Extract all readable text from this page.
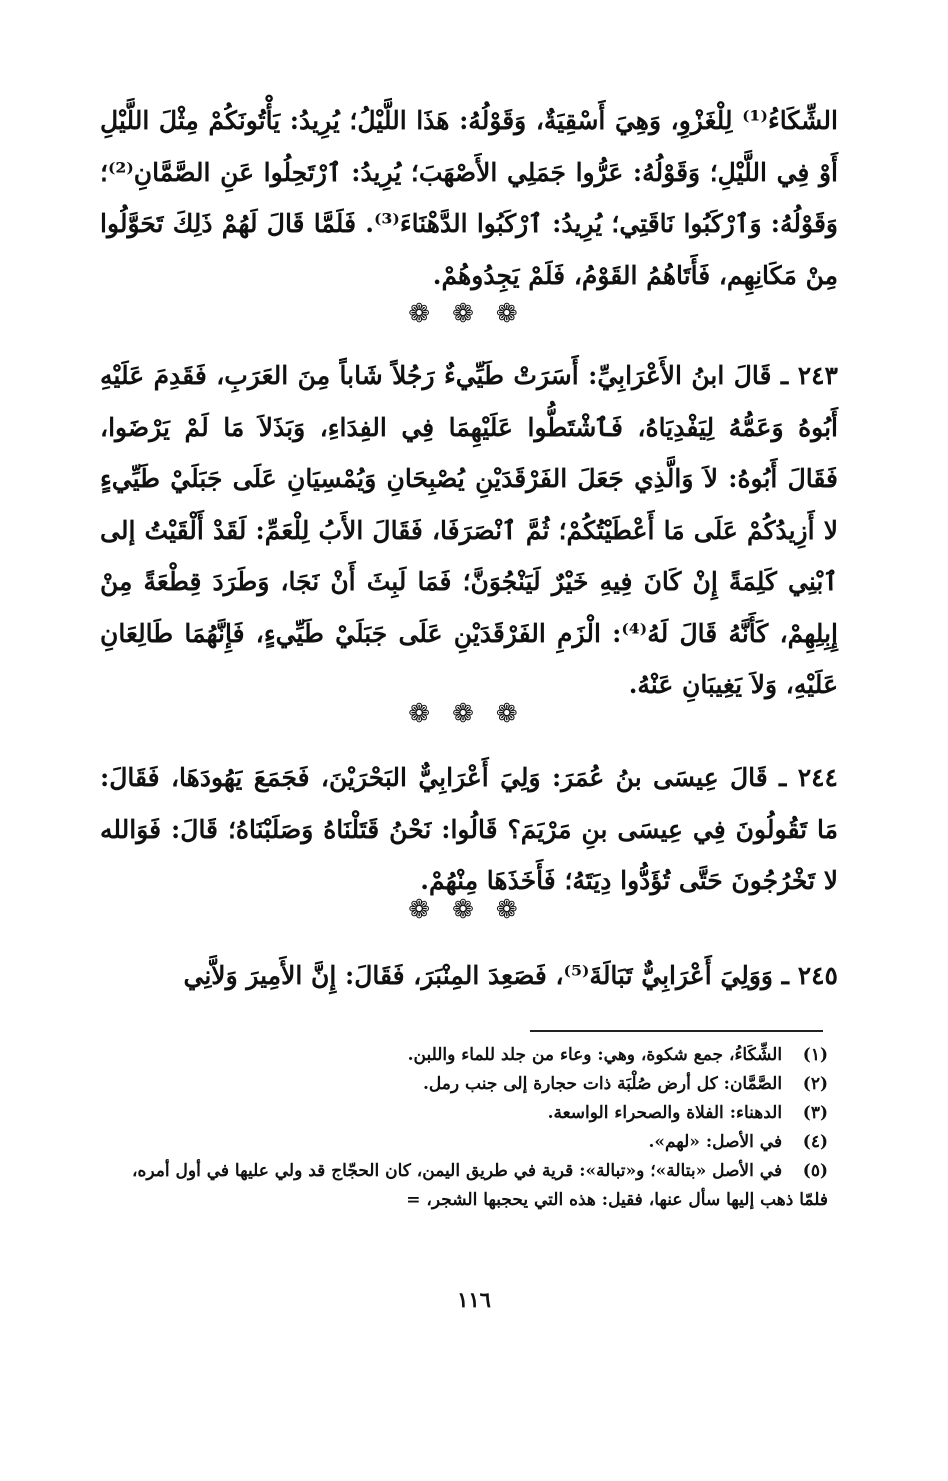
الشِّكَاءُ⁽¹⁾ لِلْغَزْوِ، وَهِيَ أَسْقِيَةٌ، وَقَوْلُهُ: هَذَا اللَّيْلُ؛ يُرِيدُ: يَأْتُونَكُمْ مِثْلَ اللَّيْلِ أَوْ فِي اللَّيْلِ؛ وَقَوْلُهُ: عَرُّوا جَمَلِي الأَصْهَبَ؛ يُرِيدُ: ٱرْتَحِلُوا عَنِ الصَّمَّانِ⁽²⁾؛ وَقَوْلُهُ: وَٱرْكَبُوا نَاقَتِي؛ يُرِيدُ: ٱرْكَبُوا الدَّهْنَاءَ⁽³⁾. فَلَمَّا قَالَ لَهُمْ ذَلِكَ تَحَوَّلُوا مِنْ مَكَانِهِم، فَأَتَاهُمُ القَوْمُ، فَلَمْ يَجِدُوهُمْ.

❁❁❁

٢٤٣ ـ قَالَ ابنُ الأَعْرَابِيِّ: أَسَرَتْ طَيِّيءٌ رَجُلاً شَاباً مِنَ العَرَبِ، فَقَدِمَ عَلَيْهِ أَبُوهُ وَعَمُّهُ لِيَفْدِيَاهُ، فَٱشْتَطُّوا عَلَيْهِمَا فِي الفِدَاءِ، وَبَذَلاَ مَا لَمْ يَرْضَوا، فَقَالَ أَبُوهُ: لاَ وَالَّذِي جَعَلَ الفَرْقَدَيْنِ يُصْبِحَانِ وَيُمْسِيَانِ عَلَى جَبَلَيْ طَيِّيءٍ لا أَزِيدُكُمْ عَلَى مَا أَعْطَيْتُكُمْ؛ ثُمَّ ٱنْصَرَفَا، فَقَالَ الأَبُ لِلْعَمِّ: لَقَدْ أَلْقَيْتُ إلى ٱبْنِي كَلِمَةً إِنْ كَانَ فِيهِ خَيْرٌ لَيَنْجُوَنَّ؛ فَمَا لَبِثَ أَنْ نَجَا، وَطَرَدَ قِطْعَةً مِنْ إِبِلِهِمْ، كَأَنَّهُ قَالَ لَهُ⁽⁴⁾: الْزَمِ الفَرْقَدَيْنِ عَلَى جَبَلَيْ طَيِّيءٍ، فَإِنَّهُمَا طَالِعَانِ عَلَيْهِ، وَلاَ يَغِيبَانِ عَنْهُ.

❁❁❁

٢٤٤ ـ قَالَ عِيسَى بنُ عُمَرَ: وَلِيَ أَعْرَابِيٌّ البَحْرَيْنَ، فَجَمَعَ يَهُودَهَا، فَقَالَ: مَا تَقُولُونَ فِي عِيسَى بنِ مَرْيَمَ؟ قَالُوا: نَحْنُ قَتَلْنَاهُ وَصَلَبْنَاهُ؛ قَالَ: فَوَالله لا تَخْرُجُونَ حَتَّى تُؤَدُّوا دِيَتَهُ؛ فَأَخَذَهَا مِنْهُمْ.

❁❁❁

٢٤٥ ـ وَوَلِيَ أَعْرَابِيٌّ تَبَالَةَ⁽⁵⁾، فَصَعِدَ المِنْبَرَ، فَقَالَ: إِنَّ الأَمِيرَ وَلاَّنِي

(١) الشِّكَاءُ، جمع شكوة، وهي: وعاء من جلد للماء واللبن.
(٢) الصَّمَّان: كل أرض صُلْبَة ذات حجارة إلى جنب رمل.
(٣) الدهناء: الفلاة والصحراء الواسعة.
(٤) في الأصل: «لهم».
(٥) في الأصل «بتالة»؛ و«تبالة»: قرية في طريق اليمن، كان الحجّاج قد ولي عليها في أول أمره، فلمّا ذهب إليها سأل عنها، فقيل: هذه التي يحجبها الشجر، =
١١٦
